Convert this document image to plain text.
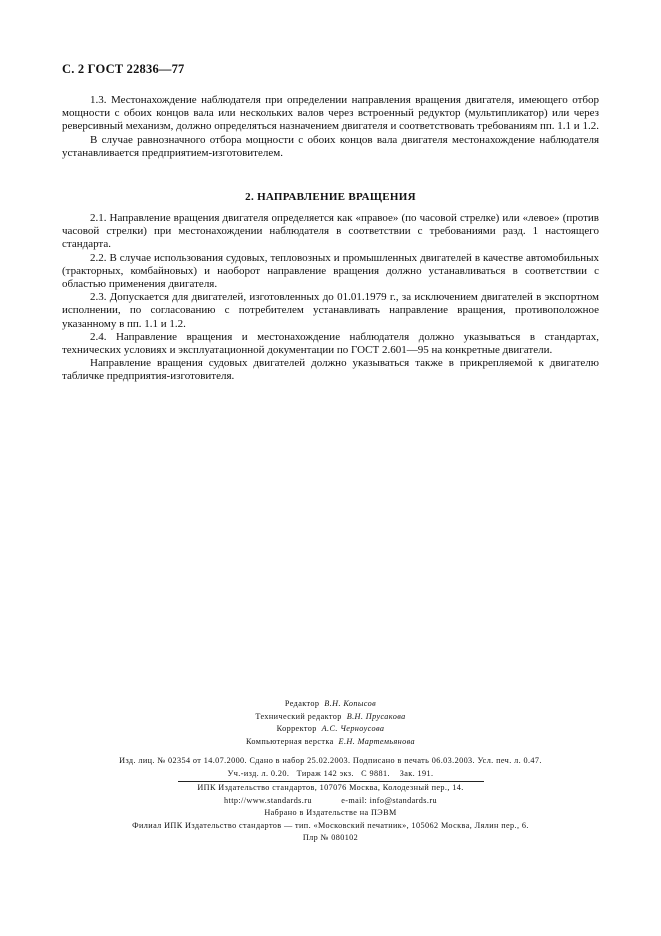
С. 2 ГОСТ 22836—77

1.3. Местонахождение наблюдателя при определении направления вращения двигателя, имеющего отбор мощности с обоих концов вала или нескольких валов через встроенный редуктор (мультипликатор) или через реверсивный механизм, должно определяться назначением двигателя и соответствовать требованиям пп. 1.1 и 1.2.

В случае равнозначного отбора мощности с обоих концов вала двигателя местонахождение наблюдателя устанавливается предприятием-изготовителем.

2. НАПРАВЛЕНИЕ ВРАЩЕНИЯ

2.1. Направление вращения двигателя определяется как «правое» (по часовой стрелке) или «левое» (против часовой стрелки) при местонахождении наблюдателя в соответствии с требованиями разд. 1 настоящего стандарта.

2.2. В случае использования судовых, тепловозных и промышленных двигателей в качестве автомобильных (тракторных, комбайновых) и наоборот направление вращения должно устанавливаться в соответствии с областью применения двигателя.

2.3. Допускается для двигателей, изготовленных до 01.01.1979 г., за исключением двигателей в экспортном исполнении, по согласованию с потребителем устанавливать направление вращения, противоположное указанному в пп. 1.1 и 1.2.

2.4. Направление вращения и местонахождение наблюдателя должно указываться в стандартах, технических условиях и эксплуатационной документации по ГОСТ 2.601—95 на конкретные двигатели.

Направление вращения судовых двигателей должно указываться также в прикрепляемой к двигателю табличке предприятия-изготовителя.

Редактор В.Н. Копысов
Технический редактор В.Н. Прусакова
Корректор А.С. Черноусова
Компьютерная верстка Е.Н. Мартемьянова
Изд. лиц. № 02354 от 14.07.2000. Сдано в набор 25.02.2003. Подписано в печать 06.03.2003. Усл. печ. л. 0.47.
Уч.-изд. л. 0.20.   Тираж 142 экз.   С 9881.    Зак. 191.
ИПК Издательство стандартов, 107076 Москва, Колодезный пер., 14.
http://www.standards.ru            e-mail: info@standards.ru
Набрано в Издательстве на ПЭВМ
Филиал ИПК Издательство стандартов — тип. «Московский печатник», 105062 Москва, Лялин пер., 6.
Плр № 080102
